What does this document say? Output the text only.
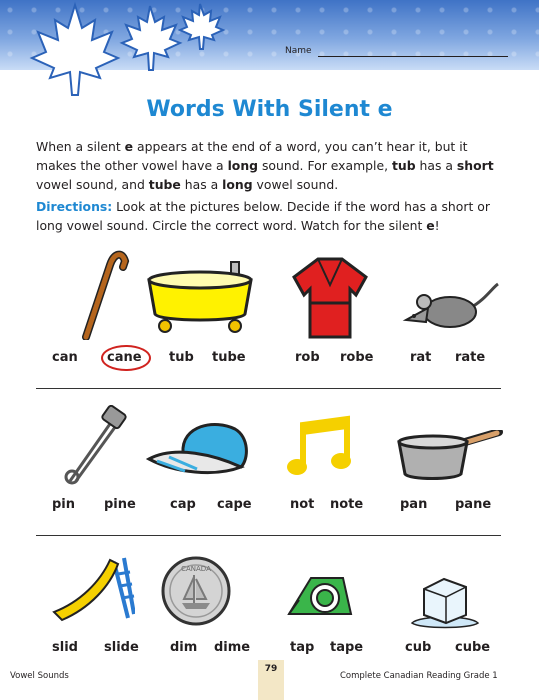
Name
Words With Silent e
When a silent e appears at the end of a word, you can’t hear it, but it makes the other vowel have a long sound. For example, tub has a short vowel sound, and tube has a long vowel sound.
Directions: Look at the pictures below. Decide if the word has a short or long vowel sound. Circle the correct word. Watch for the silent e!
can cane tub tube	rob robe	rat rate
pin pine	cap cape	not note	pan pane
CANADA
slid slide dim dime	tap tape	cub cube
Vowel Sounds
79
Complete Canadian Reading Grade 1
